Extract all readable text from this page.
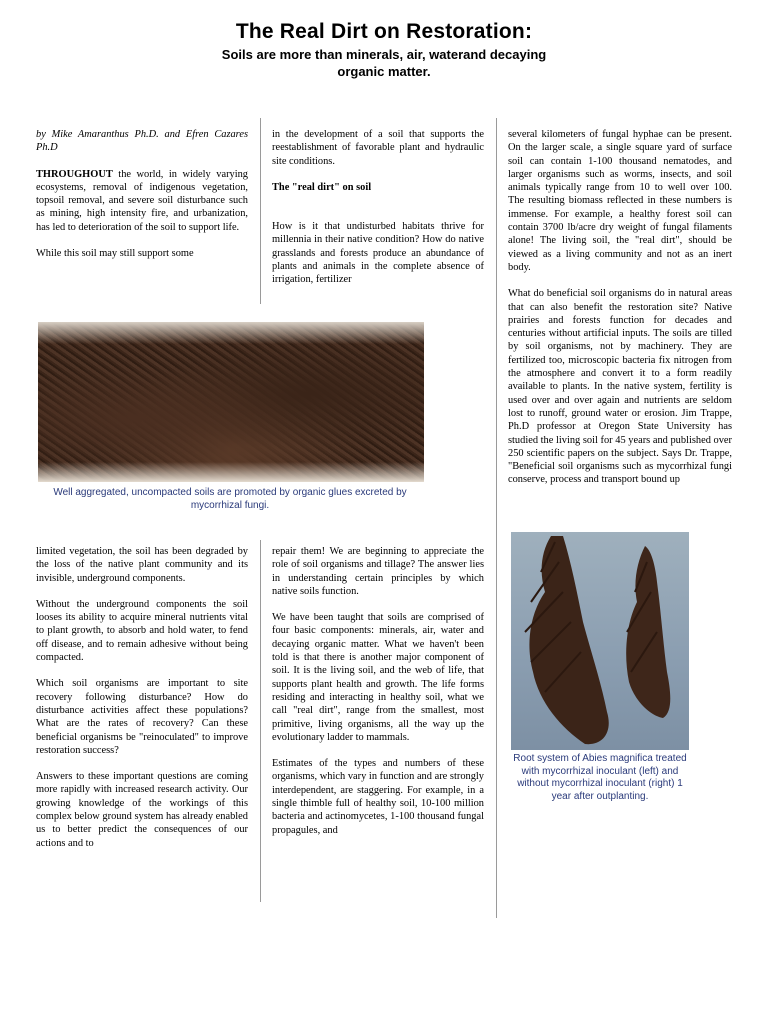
The Real Dirt on Restoration:
Soils are more than minerals, air, waterand decaying organic matter.

by Mike Amaranthus Ph.D. and Efren Cazares Ph.D

THROUGHOUT the world, in widely varying ecosystems, removal of indigenous vegetation, topsoil removal, and severe soil disturbance such as mining, high intensity fire, and urbanization, has led to deterioration of the soil to support life.

While this soil may still support some

in the development of a soil that supports the reestablishment of favorable plant and hydraulic site conditions.

The "real dirt" on soil

How is it that undisturbed habitats thrive for millennia in their native condition? How do native grasslands and forests produce an abundance of plants and animals in the complete absence of irrigation, fertilizer

several kilometers of fungal hyphae can be present. On the larger scale, a single square yard of surface soil can contain 1-100 thousand nematodes, and larger organisms such as worms, insects, and soil animals typically range from 10 to well over 100. The resulting biomass reflected in these numbers is immense. For example, a healthy forest soil can contain 3700 lb/acre dry weight of fungal filaments alone! The living soil, the "real dirt", should be viewed as a living community and not as an inert body.

What do beneficial soil organisms do in natural areas that can also benefit the restoration site? Native prairies and forests function for decades and centuries without artificial inputs. The soils are tilled by soil organisms, not by machinery. They are fertilized too, microscopic bacteria fix nitrogen from the atmosphere and convert it to a form readily available to plants. In the native system, fertility is used over and over again and nutrients are seldom lost to runoff, ground water or erosion. Jim Trappe, Ph.D professor at Oregon State University has studied the living soil for 45 years and published over 250 scientific papers on the subject. Says Dr. Trappe, "Beneficial soil organisms such as mycorrhizal fungi conserve, process and transport bound up

Well aggregated, uncompacted soils are promoted by organic glues excreted by mycorrhizal fungi.
Root system of Abies magnifica treated with mycorrhizal inoculant (left) and without mycorrhizal inoculant (right) 1 year after outplanting.

limited vegetation, the soil has been degraded by the loss of the native plant community and its invisible, underground components.

Without the underground components the soil looses its ability to acquire mineral nutrients vital to plant growth, to absorb and hold water, to fend off disease, and to remain adhesive without being compacted.

Which soil organisms are important to site recovery following disturbance? How do disturbance activities affect these populations? What are the rates of recovery? Can these beneficial organisms be "reinoculated" to improve restoration success?

Answers to these important questions are coming more rapidly with increased research activity. Our growing knowledge of the workings of this complex below ground system has already enabled us to better predict the consequences of our actions and to

repair them! We are beginning to appreciate the role of soil organisms and tillage? The answer lies in understanding certain principles by which native soils function.

We have been taught that soils are comprised of four basic components: minerals, air, water and decaying organic matter. What we haven't been told is that there is another major component of soil. It is the living soil, and the web of life, that supports plant health and growth. The life forms residing and interacting in healthy soil, what we call "real dirt", range from the smallest, most primitive, living organisms, all the way up the evolutionary ladder to mammals.

Estimates of the types and numbers of these organisms, which vary in function and are strongly interdependent, are staggering. For example, in a single thimble full of healthy soil, 10-100 million bacteria and actinomycetes, 1-100 thousand fungal propagules, and
